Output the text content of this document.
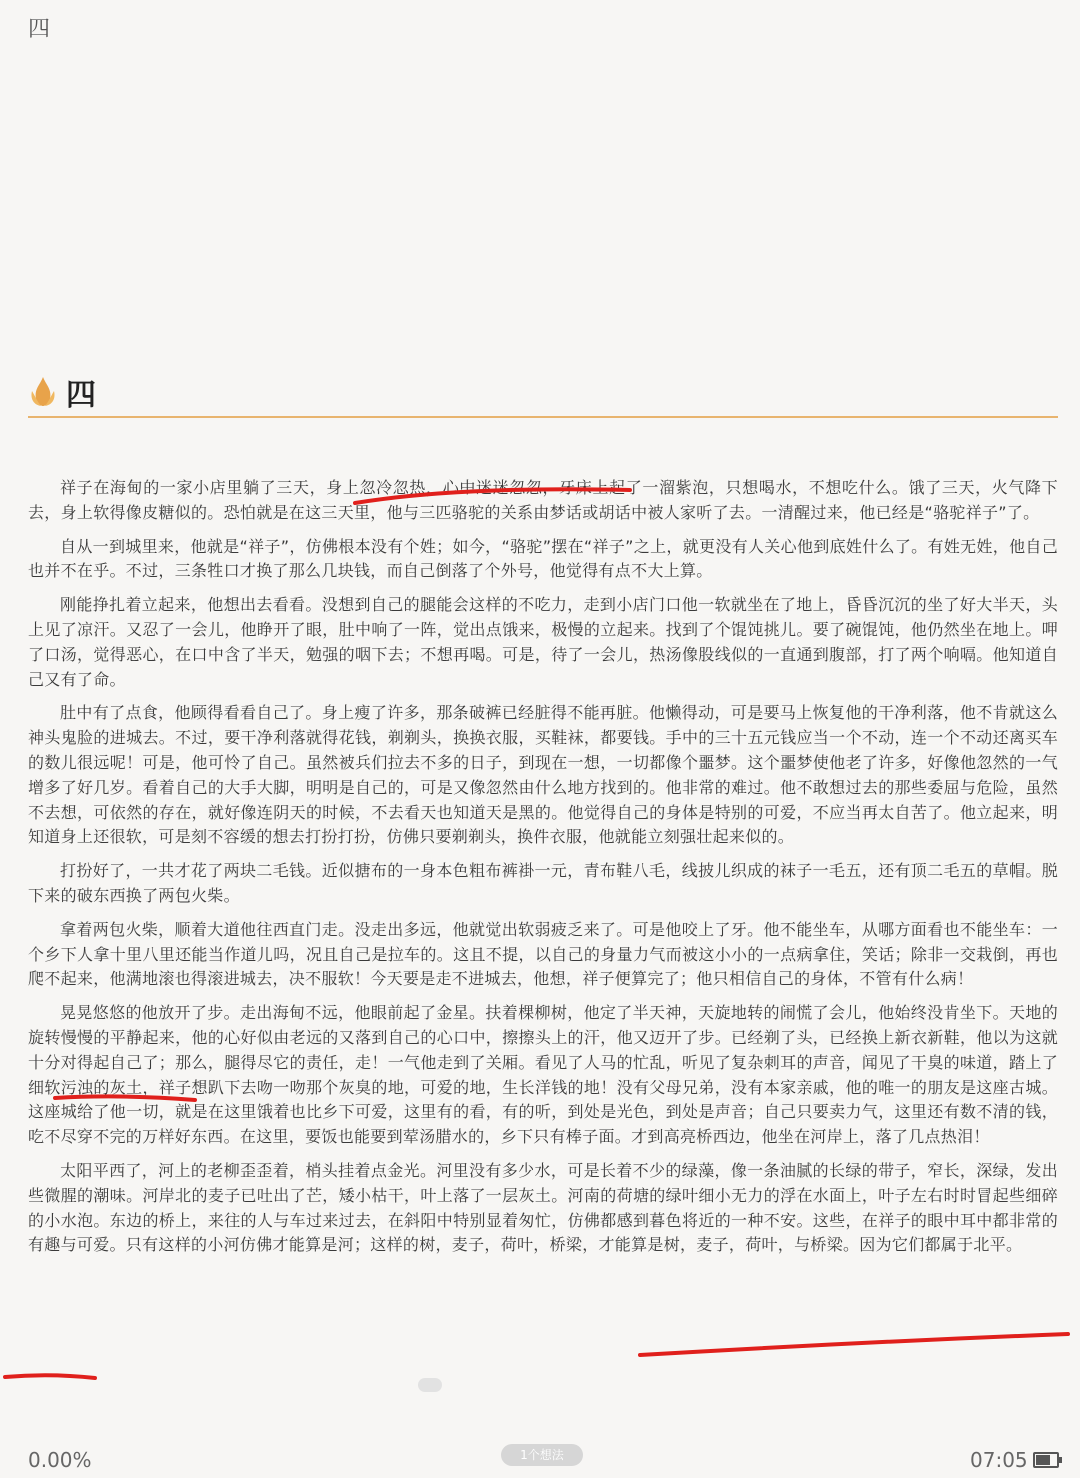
四
四

祥子在海甸的一家小店里躺了三天，身上忽冷忽热，心中迷迷忽忽，牙床上起了一溜紫泡，只想喝水，不想吃什么。饿了三天，火气降下去，身上软得像皮糖似的。恐怕就是在这三天里，他与三匹骆驼的关系由梦话或胡话中被人家听了去。一清醒过来，他已经是“骆驼祥子”了。

自从一到城里来，他就是“祥子”，仿佛根本没有个姓；如今，“骆驼”摆在“祥子”之上，就更没有人关心他到底姓什么了。有姓无姓，他自己也并不在乎。不过，三条牲口才换了那么几块钱，而自己倒落了个外号，他觉得有点不大上算。

刚能挣扎着立起来，他想出去看看。没想到自己的腿能会这样的不吃力，走到小店门口他一软就坐在了地上，昏昏沉沉的坐了好大半天，头上见了凉汗。又忍了一会儿，他睁开了眼，肚中响了一阵，觉出点饿来，极慢的立起来。找到了个馄饨挑儿。要了碗馄饨，他仍然坐在地上。呷了口汤，觉得恶心，在口中含了半天，勉强的咽下去；不想再喝。可是，待了一会儿，热汤像股线似的一直通到腹部，打了两个响嗝。他知道自己又有了命。

肚中有了点食，他顾得看看自己了。身上瘦了许多，那条破裤已经脏得不能再脏。他懒得动，可是要马上恢复他的干净利落，他不肯就这么神头鬼脸的进城去。不过，要干净利落就得花钱，剃剃头，换换衣服，买鞋袜，都要钱。手中的三十五元钱应当一个不动，连一个不动还离买车的数儿很远呢！可是，他可怜了自己。虽然被兵们拉去不多的日子，到现在一想，一切都像个噩梦。这个噩梦使他老了许多，好像他忽然的一气增多了好几岁。看着自己的大手大脚，明明是自己的，可是又像忽然由什么地方找到的。他非常的难过。他不敢想过去的那些委屈与危险，虽然不去想，可依然的存在，就好像连阴天的时候，不去看天也知道天是黑的。他觉得自己的身体是特别的可爱，不应当再太自苦了。他立起来，明知道身上还很软，可是刻不容缓的想去打扮打扮，仿佛只要剃剃头，换件衣服，他就能立刻强壮起来似的。

打扮好了，一共才花了两块二毛钱。近似搪布的一身本色粗布裤褂一元，青布鞋八毛，线披儿织成的袜子一毛五，还有顶二毛五的草帽。脱下来的破东西换了两包火柴。

拿着两包火柴，顺着大道他往西直门走。没走出多远，他就觉出软弱疲乏来了。可是他咬上了牙。他不能坐车，从哪方面看也不能坐车：一个乡下人拿十里八里还能当作道儿吗，况且自己是拉车的。这且不提，以自己的身量力气而被这小小的一点病拿住，笑话；除非一交栽倒，再也爬不起来，他满地滚也得滚进城去，决不服软！今天要是走不进城去，他想，祥子便算完了；他只相信自己的身体，不管有什么病！

晃晃悠悠的他放开了步。走出海甸不远，他眼前起了金星。扶着棵柳树，他定了半天神，天旋地转的闹慌了会儿，他始终没肯坐下。天地的旋转慢慢的平静起来，他的心好似由老远的又落到自己的心口中，擦擦头上的汗，他又迈开了步。已经剃了头，已经换上新衣新鞋，他以为这就十分对得起自己了；那么，腿得尽它的责任，走！一气他走到了关厢。看见了人马的忙乱，听见了复杂刺耳的声音，闻见了干臭的味道，踏上了细软污浊的灰土，祥子想趴下去吻一吻那个灰臭的地，可爱的地，生长洋钱的地！没有父母兄弟，没有本家亲戚，他的唯一的朋友是这座古城。这座城给了他一切，就是在这里饿着也比乡下可爱，这里有的看，有的听，到处是光色，到处是声音；自己只要卖力气，这里还有数不清的钱，吃不尽穿不完的万样好东西。在这里，要饭也能要到荤汤腊水的，乡下只有棒子面。才到高亮桥西边，他坐在河岸上，落了几点热泪！

太阳平西了，河上的老柳歪歪着，梢头挂着点金光。河里没有多少水，可是长着不少的绿藻，像一条油腻的长绿的带子，窄长，深绿，发出些微腥的潮味。河岸北的麦子已吐出了芒，矮小枯干，叶上落了一层灰土。河南的荷塘的绿叶细小无力的浮在水面上，叶子左右时时冒起些细碎的小水泡。东边的桥上，来往的人与车过来过去，在斜阳中特别显着匆忙，仿佛都感到暮色将近的一种不安。这些，在祥子的眼中耳中都非常的有趣与可爱。只有这样的小河仿佛才能算是河；这样的树，麦子，荷叶，桥梁，才能算是树，麦子，荷叶，与桥梁。因为它们都属于北平。

0.00%	1个想法	07:05
